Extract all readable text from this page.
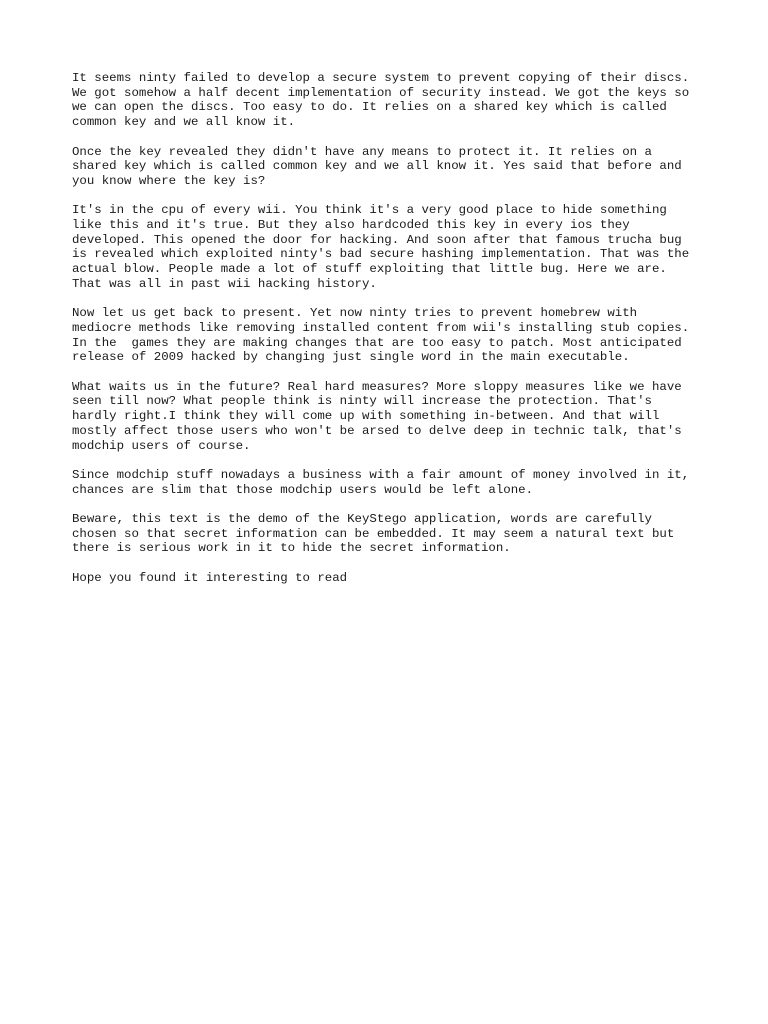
It seems ninty failed to develop a secure system to prevent copying of their discs.
We got somehow a half decent implementation of security instead. We got the keys so
we can open the discs. Too easy to do. It relies on a shared key which is called
common key and we all know it.

Once the key revealed they didn't have any means to protect it. It relies on a
shared key which is called common key and we all know it. Yes said that before and
you know where the key is?

It's in the cpu of every wii. You think it's a very good place to hide something
like this and it's true. But they also hardcoded this key in every ios they
developed. This opened the door for hacking. And soon after that famous trucha bug
is revealed which exploited ninty's bad secure hashing implementation. That was the
actual blow. People made a lot of stuff exploiting that little bug. Here we are.
That was all in past wii hacking history.

Now let us get back to present. Yet now ninty tries to prevent homebrew with
mediocre methods like removing installed content from wii's installing stub copies.
In the  games they are making changes that are too easy to patch. Most anticipated
release of 2009 hacked by changing just single word in the main executable.

What waits us in the future? Real hard measures? More sloppy measures like we have
seen till now? What people think is ninty will increase the protection. That's
hardly right.I think they will come up with something in-between. And that will
mostly affect those users who won't be arsed to delve deep in technic talk, that's
modchip users of course.

Since modchip stuff nowadays a business with a fair amount of money involved in it,
chances are slim that those modchip users would be left alone.

Beware, this text is the demo of the KeyStego application, words are carefully
chosen so that secret information can be embedded. It may seem a natural text but
there is serious work in it to hide the secret information.

Hope you found it interesting to read
